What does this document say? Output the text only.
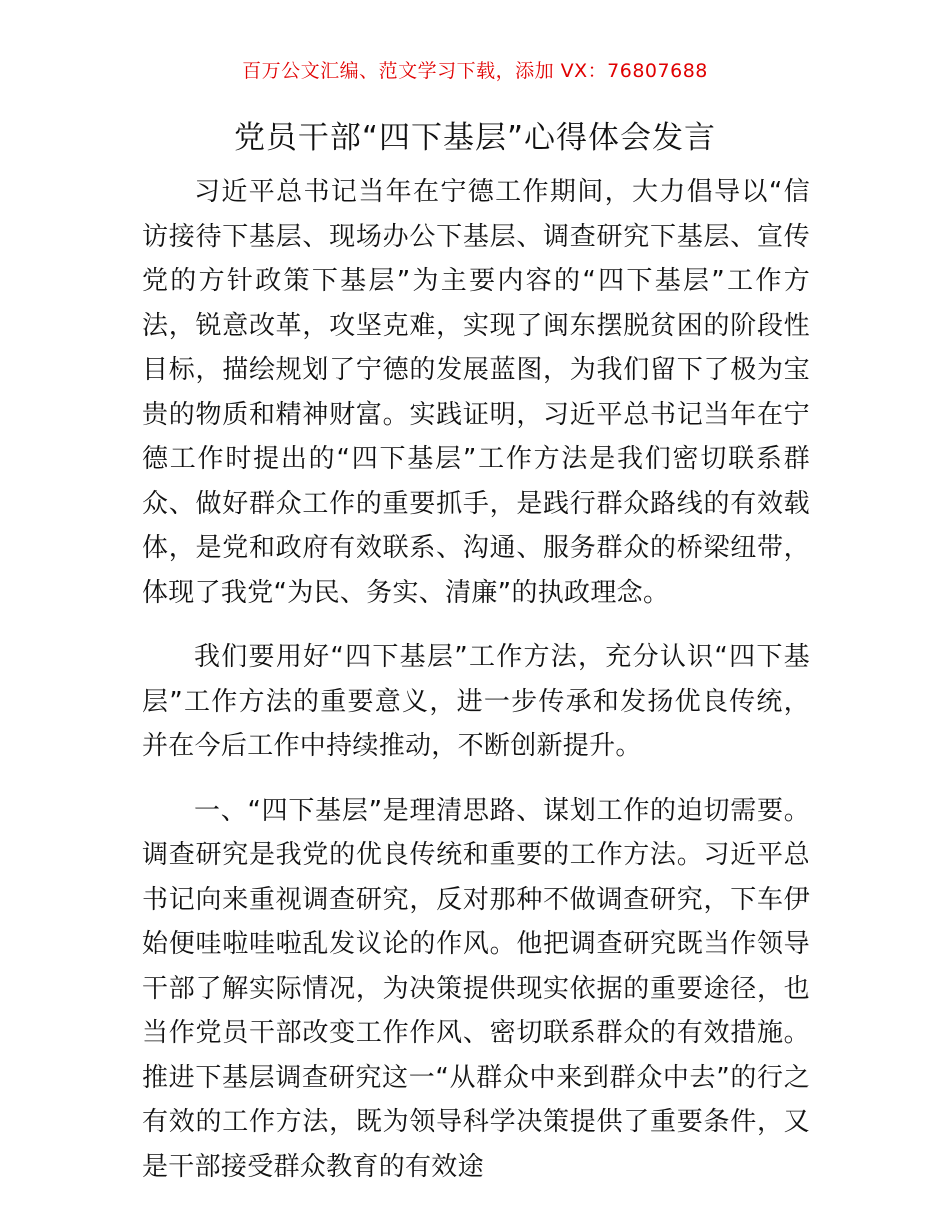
百万公文汇编、范文学习下载，添加 VX：76807688
党员干部“四下基层”心得体会发言

习近平总书记当年在宁德工作期间，大力倡导以“信访接待下基层、现场办公下基层、调查研究下基层、宣传党的方针政策下基层”为主要内容的“四下基层”工作方法，锐意改革，攻坚克难，实现了闽东摆脱贫困的阶段性目标，描绘规划了宁德的发展蓝图，为我们留下了极为宝贵的物质和精神财富。实践证明，习近平总书记当年在宁德工作时提出的“四下基层”工作方法是我们密切联系群众、做好群众工作的重要抓手，是践行群众路线的有效载体，是党和政府有效联系、沟通、服务群众的桥梁纽带，体现了我党“为民、务实、清廉”的执政理念。

我们要用好“四下基层”工作方法，充分认识“四下基层”工作方法的重要意义，进一步传承和发扬优良传统，并在今后工作中持续推动，不断创新提升。

一、“四下基层”是理清思路、谋划工作的迫切需要。调查研究是我党的优良传统和重要的工作方法。习近平总书记向来重视调查研究，反对那种不做调查研究，下车伊始便哇啦哇啦乱发议论的作风。他把调查研究既当作领导干部了解实际情况，为决策提供现实依据的重要途径，也当作党员干部改变工作作风、密切联系群众的有效措施。推进下基层调查研究这一“从群众中来到群众中去”的行之有效的工作方法，既为领导科学决策提供了重要条件，又是干部接受群众教育的有效途
